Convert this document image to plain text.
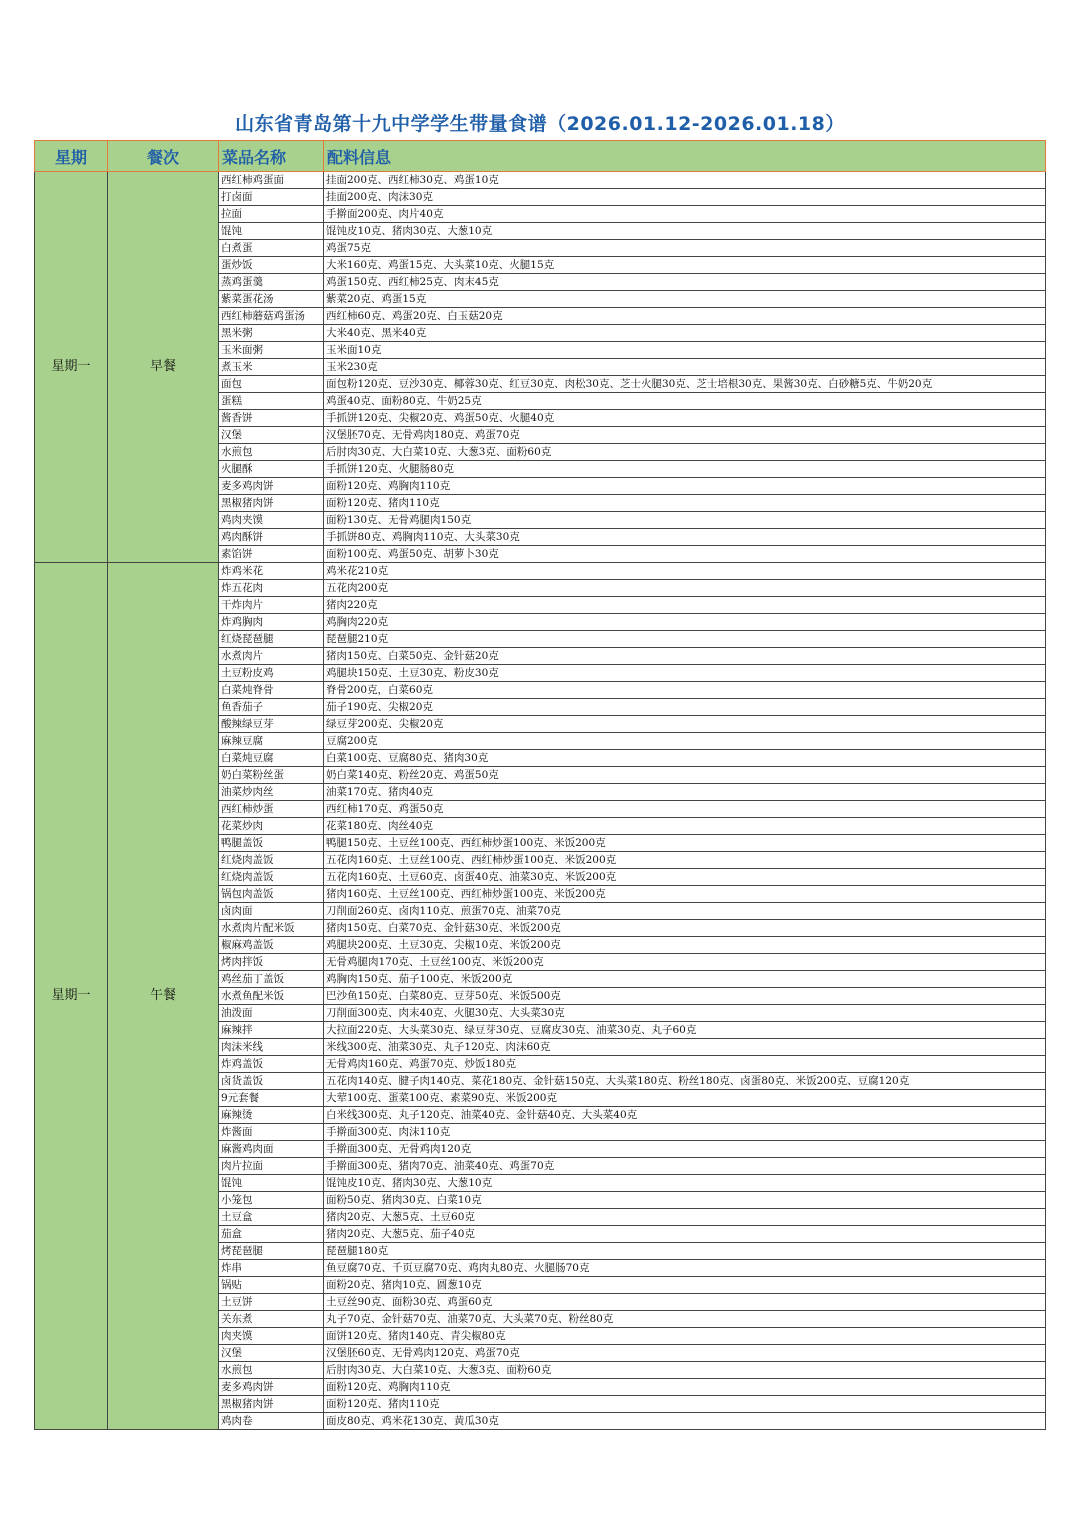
山东省青岛第十九中学学生带量食谱（2026.01.12-2026.01.18）
星期	餐次	菜品名称	配料信息
星期一	早餐	西红柿鸡蛋面	挂面200克、西红柿30克、鸡蛋10克
		打卤面	挂面200克、肉沫30克
		拉面	手擀面200克、肉片40克
		馄饨	馄饨皮10克、猪肉30克、大葱10克
		白煮蛋	鸡蛋75克
		蛋炒饭	大米160克、鸡蛋15克、大头菜10克、火腿15克
		蒸鸡蛋羹	鸡蛋150克、西红柿25克、肉末45克
		紫菜蛋花汤	紫菜20克、鸡蛋15克
		西红柿蘑菇鸡蛋汤	西红柿60克、鸡蛋20克、白玉菇20克
		黑米粥	大米40克、黑米40克
		玉米面粥	玉米面10克
		煮玉米	玉米230克
		面包	面包粉120克、豆沙30克、椰蓉30克、红豆30克、肉松30克、芝士火腿30克、芝士培根30克、果酱30克、白砂糖5克、牛奶20克
		蛋糕	鸡蛋40克、面粉80克、牛奶25克
		酱香饼	手抓饼120克、尖椒20克、鸡蛋50克、火腿40克
		汉堡	汉堡胚70克、无骨鸡肉180克、鸡蛋70克
		水煎包	后肘肉30克、大白菜10克、大葱3克、面粉60克
		火腿酥	手抓饼120克、火腿肠80克
		麦多鸡肉饼	面粉120克、鸡胸肉110克
		黑椒猪肉饼	面粉120克、猪肉110克
		鸡肉夹馍	面粉130克、无骨鸡腿肉150克
		鸡肉酥饼	手抓饼80克、鸡胸肉110克、大头菜30克
		素馅饼	面粉100克、鸡蛋50克、胡萝卜30克
星期一	午餐	炸鸡米花	鸡米花210克
		炸五花肉	五花肉200克
		干炸肉片	猪肉220克
		炸鸡胸肉	鸡胸肉220克
		红烧琵琶腿	琵琶腿210克
		水煮肉片	猪肉150克、白菜50克、金针菇20克
		土豆粉皮鸡	鸡腿块150克、土豆30克、粉皮30克
		白菜炖脊骨	脊骨200克，白菜60克
		鱼香茄子	茄子190克、尖椒20克
		酸辣绿豆芽	绿豆芽200克、尖椒20克
		麻辣豆腐	豆腐200克
		白菜炖豆腐	白菜100克、豆腐80克、猪肉30克
		奶白菜粉丝蛋	奶白菜140克、粉丝20克、鸡蛋50克
		油菜炒肉丝	油菜170克、猪肉40克
		西红柿炒蛋	西红柿170克、鸡蛋50克
		花菜炒肉	花菜180克、肉丝40克
		鸭腿盖饭	鸭腿150克、土豆丝100克、西红柿炒蛋100克、米饭200克
		红烧肉盖饭	五花肉160克、土豆丝100克、西红柿炒蛋100克、米饭200克
		红烧肉盖饭	五花肉160克、土豆60克、卤蛋40克、油菜30克、米饭200克
		锅包肉盖饭	猪肉160克、土豆丝100克、西红柿炒蛋100克、米饭200克
		卤肉面	刀削面260克、卤肉110克、煎蛋70克、油菜70克
		水煮肉片配米饭	猪肉150克、白菜70克、金针菇30克、米饭200克
		椒麻鸡盖饭	鸡腿块200克、土豆30克、尖椒10克、米饭200克
		烤肉拌饭	无骨鸡腿肉170克、土豆丝100克、米饭200克
		鸡丝茄丁盖饭	鸡胸肉150克、茄子100克、米饭200克
		水煮鱼配米饭	巴沙鱼150克、白菜80克、豆芽50克、米饭500克
		油泼面	刀削面300克、肉末40克、火腿30克、大头菜30克
		麻辣拌	大拉面220克、大头菜30克、绿豆芽30克、豆腐皮30克、油菜30克、丸子60克
		肉沫米线	米线300克、油菜30克、丸子120克、肉沫60克
		炸鸡盖饭	无骨鸡肉160克、鸡蛋70克、炒饭180克
		卤货盖饭	五花肉140克、腱子肉140克、菜花180克、金针菇150克、大头菜180克、粉丝180克、卤蛋80克、米饭200克、豆腐120克
		9元套餐	大荤100克、蛋菜100克、素菜90克、米饭200克
		麻辣烫	白米线300克、丸子120克、油菜40克、金针菇40克、大头菜40克
		炸酱面	手擀面300克、肉沫110克
		麻酱鸡肉面	手擀面300克、无骨鸡肉120克
		肉片拉面	手擀面300克、猪肉70克、油菜40克、鸡蛋70克
		馄饨	馄饨皮10克、猪肉30克、大葱10克
		小笼包	面粉50克、猪肉30克、白菜10克
		土豆盒	猪肉20克、大葱5克、土豆60克
		茄盒	猪肉20克、大葱5克、茄子40克
		烤琵琶腿	琵琶腿180克
		炸串	鱼豆腐70克、千页豆腐70克、鸡肉丸80克、火腿肠70克
		锅贴	面粉20克、猪肉10克、圆葱10克
		土豆饼	土豆丝90克、面粉30克、鸡蛋60克
		关东煮	丸子70克、金针菇70克、油菜70克、大头菜70克、粉丝80克
		肉夹馍	面饼120克、猪肉140克、青尖椒80克
		汉堡	汉堡胚60克、无骨鸡肉120克、鸡蛋70克
		水煎包	后肘肉30克、大白菜10克、大葱3克、面粉60克
		麦多鸡肉饼	面粉120克、鸡胸肉110克
		黑椒猪肉饼	面粉120克、猪肉110克
		鸡肉卷	面皮80克、鸡米花130克、黄瓜30克
